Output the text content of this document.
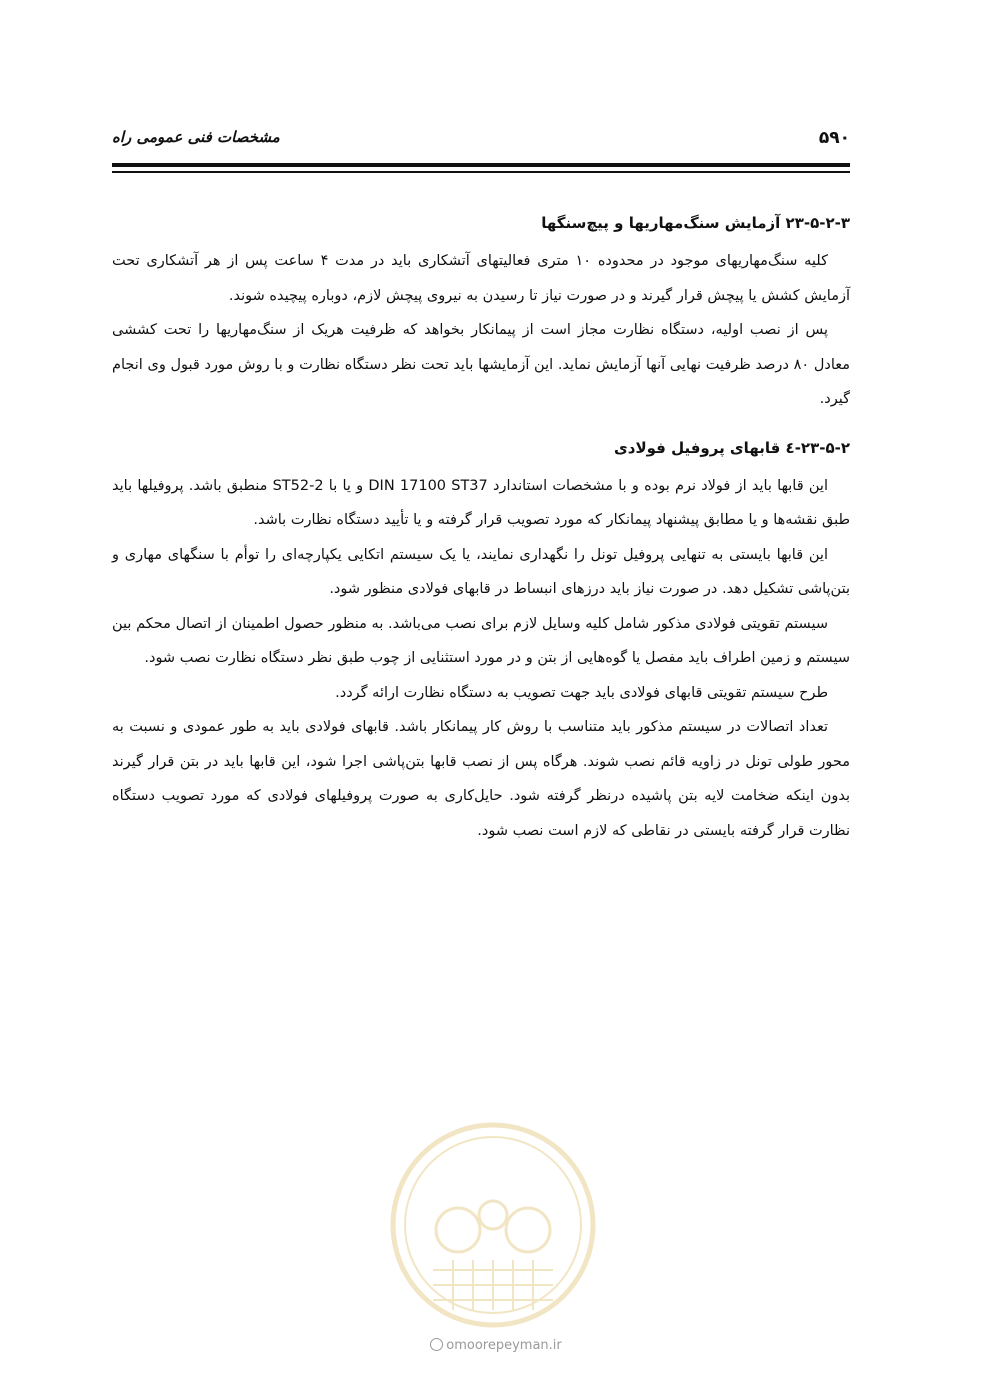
۵۹۰
مشخصات فنی عمومی راه
۲۳-۵-۲-۳ آزمایش سنگ‌مهاریها و پیچ‌سنگها

کلیه سنگ‌مهاریهای موجود در محدوده ۱۰ متری فعالیتهای آتشکاری باید در مدت ۴ ساعت پس از هر آتشکاری تحت آزمایش کشش یا پیچش قرار گیرند و در صورت نیاز تا رسیدن به نیروی پیچش لازم، دوباره پیچیده شوند.

پس از نصب اولیه، دستگاه نظارت مجاز است از پیمانکار بخواهد که ظرفیت هریک از سنگ‌مهاریها را تحت کششی معادل ۸۰ درصد ظرفیت نهایی آنها آزمایش نماید. این آزمایشها باید تحت نظر دستگاه نظارت و با روش مورد قبول وی انجام گیرد.

۲۳-۵-۲-٤ قابهای پروفیل فولادی

این قابها باید از فولاد نرم بوده و با مشخصات استاندارد DIN 17100 ST37 و یا با ST52-2 منطبق باشد. پروفیلها باید طبق نقشه‌ها و یا مطابق پیشنهاد پیمانکار که مورد تصویب قرار گرفته و یا تأیید دستگاه نظارت باشد.

این قابها بایستی به تنهایی پروفیل تونل را نگهداری نمایند، یا یک سیستم اتکایی یکپارچه‌ای را توأم با سنگهای مهاری و بتن‌پاشی تشکیل دهد. در صورت نیاز باید درزهای انبساط در قابهای فولادی منظور شود.

سیستم تقویتی فولادی مذکور شامل کلیه وسایل لازم برای نصب می‌باشد. به منظور حصول اطمینان از اتصال محکم بین سیستم و زمین اطراف باید مفصل یا گوه‌هایی از بتن و در مورد استثنایی از چوب طبق نظر دستگاه نظارت نصب شود.

طرح سیستم تقویتی قابهای فولادی باید جهت تصویب به دستگاه نظارت ارائه گردد.

تعداد اتصالات در سیستم مذکور باید متناسب با روش کار پیمانکار باشد. قابهای فولادی باید به طور عمودی و نسبت به محور طولی تونل در زاویه قائم نصب شوند. هرگاه پس از نصب قابها بتن‌پاشی اجرا شود، این قابها باید در بتن قرار گیرند بدون اینکه ضخامت لایه بتن پاشیده درنظر گرفته شود. حایل‌کاری به صورت پروفیلهای فولادی که مورد تصویب دستگاه نظارت قرار گرفته بایستی در نقاطی که لازم است نصب شود.

omoorepeyman.ir
